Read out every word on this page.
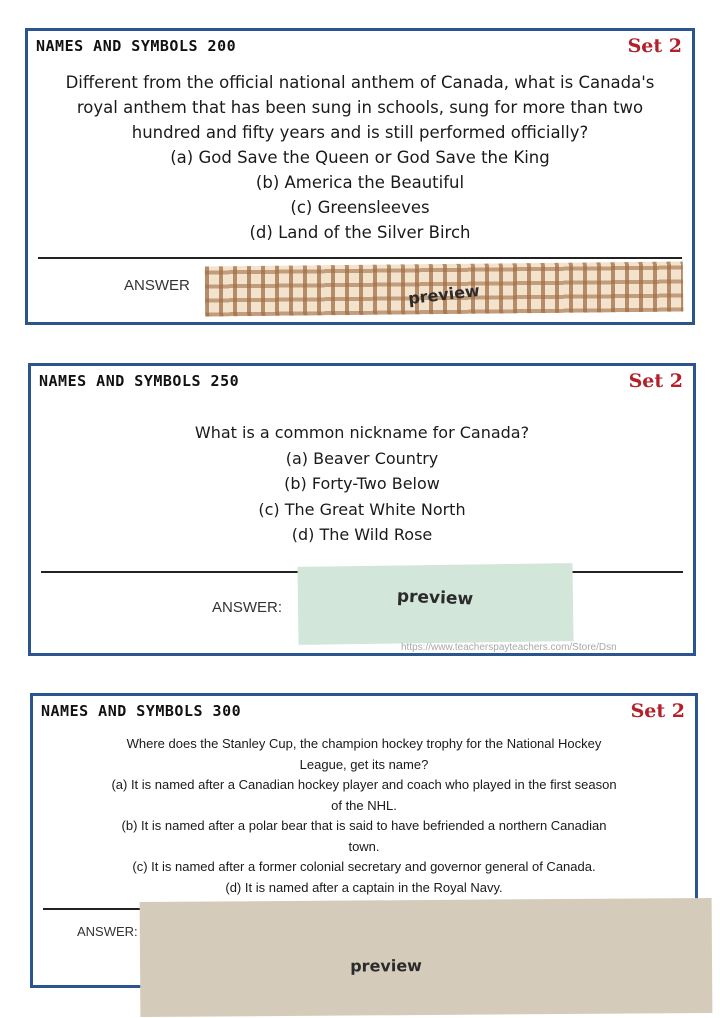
NAMES AND SYMBOLS 200	Set 2
Different from the official national anthem of Canada, what is Canada's
royal anthem that has been sung in schools, sung for more than two
hundred and fifty years and is still performed officially?
(a) God Save the Queen or God Save the King
(b) America the Beautiful
(c) Greensleeves
(d) Land of the Silver Birch
ANSWER	preview
NAMES AND SYMBOLS 250	Set 2
What is a common nickname for Canada?
(a) Beaver Country
(b) Forty-Two Below
(c) The Great White North
(d) The Wild Rose
ANSWER:	preview
https://www.teacherspayteachers.com/Store/Dsn
NAMES AND SYMBOLS 300	Set 2
Where does the Stanley Cup, the champion hockey trophy for the National Hockey
League, get its name?
(a) It is named after a Canadian hockey player and coach who played in the first season
of the NHL.
(b) It is named after a polar bear that is said to have befriended a northern Canadian
town.
(c) It is named after a former colonial secretary and governor general of Canada.
(d) It is named after a captain in the Royal Navy.
ANSWER:
preview
